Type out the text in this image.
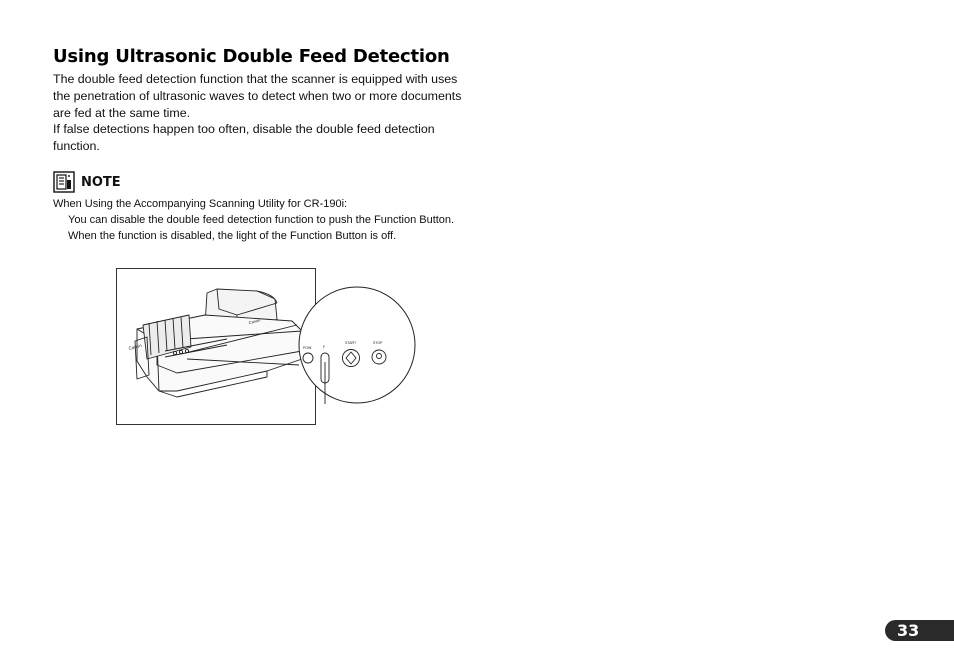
Using Ultrasonic Double Feed Detection

The double feed detection function that the scanner is equipped with uses the penetration of ultrasonic waves to detect when two or more documents are fed at the same time.

If false detections happen too often, disable the double feed detection function.

NOTE
When Using the Accompanying Scanning Utility for CR-190i:
You can disable the double feed detection function to push the Function Button. When the function is disabled, the light of the Function Button is off.
Canon
Canon
POW	F
START	STOP
33
